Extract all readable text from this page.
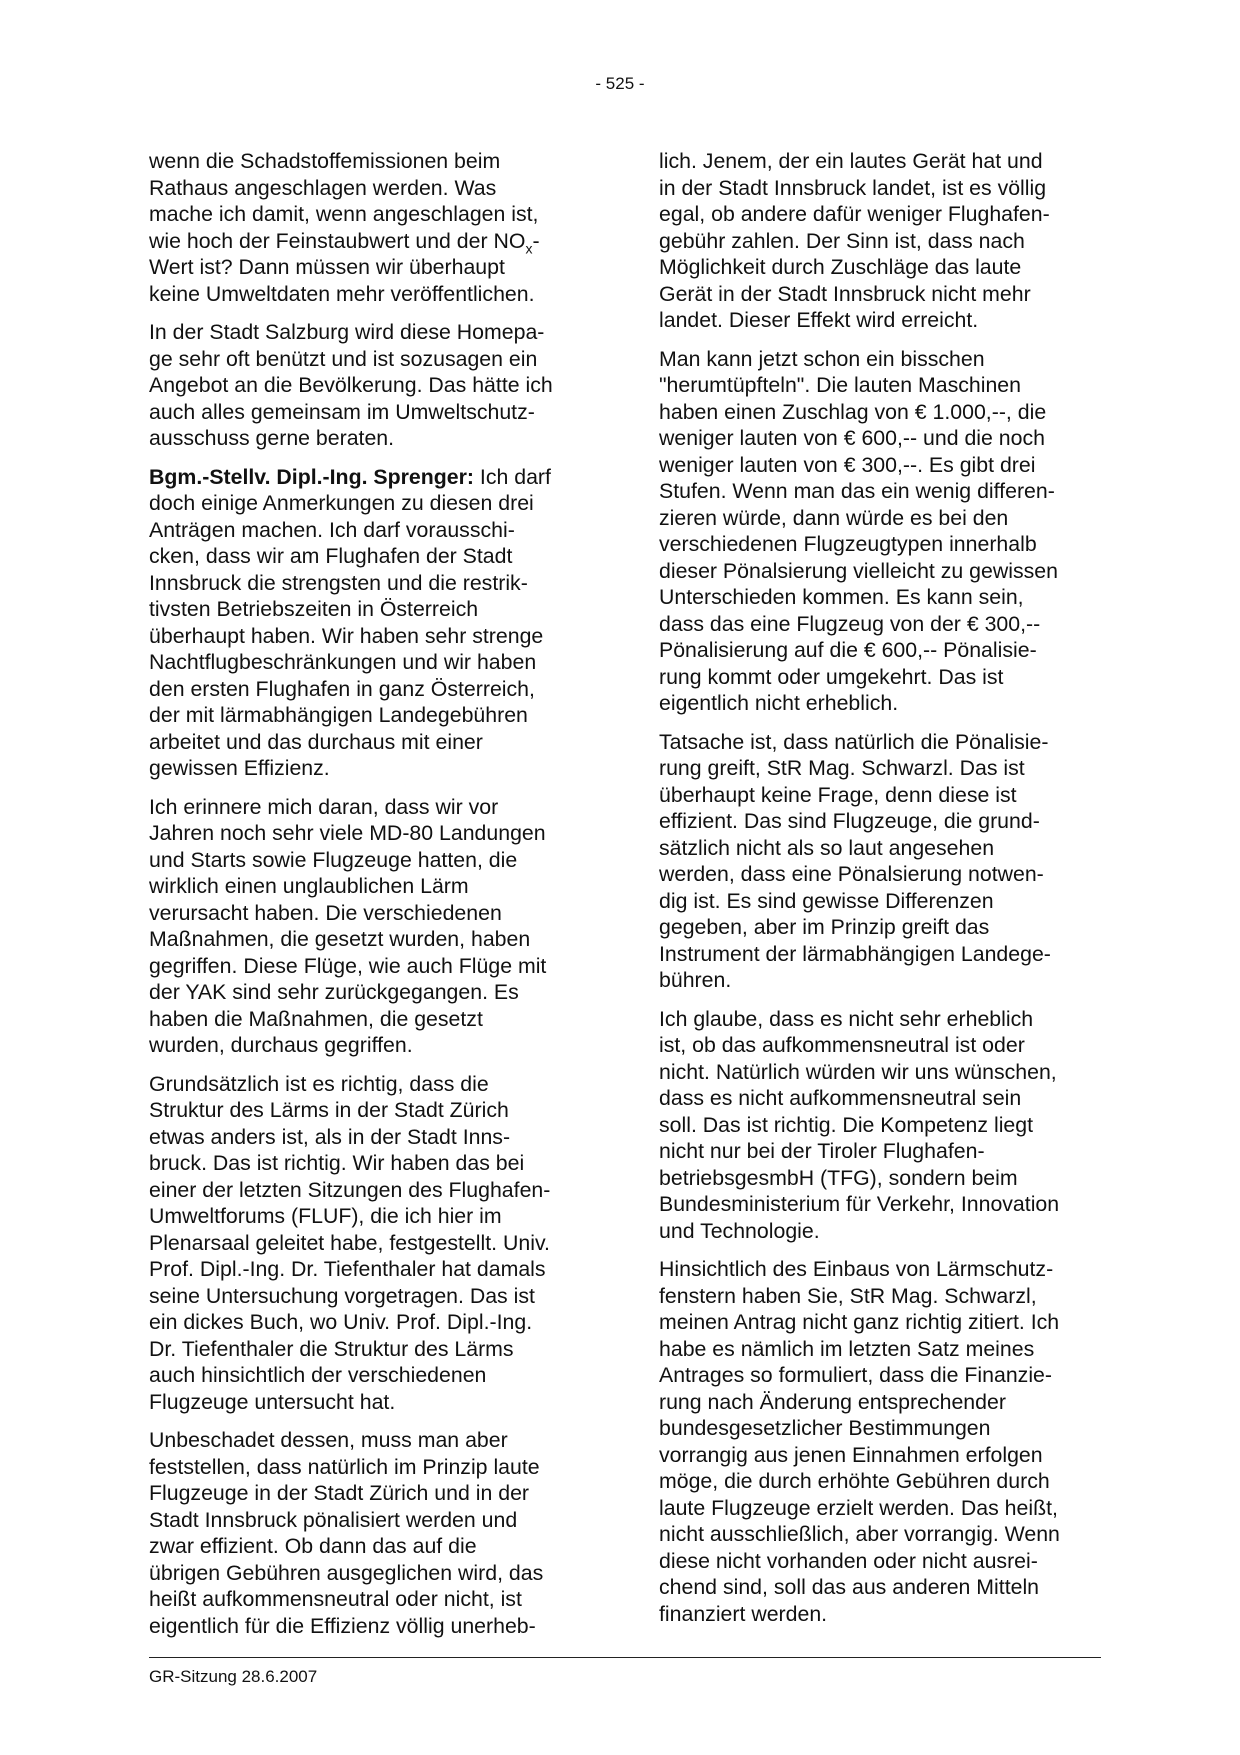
- 525 -

wenn die Schadstoffemissionen beim
Rathaus angeschlagen werden. Was
mache ich damit, wenn angeschlagen ist,
wie hoch der Feinstaubwert und der $NO_x-$
Wert ist? Dann müssen wir überhaupt
keine Umweltdaten mehr veröffentlichen.

In der Stadt Salzburg wird diese Homepa-
ge sehr oft benützt und ist sozusagen ein
Angebot an die Bevölkerung. Das hätte ich
auch alles gemeinsam im Umweltschutz-
ausschuss gerne beraten.

Bgm.-Stellv. Dipl.-Ing. Sprenger: Ich darf
doch einige Anmerkungen zu diesen drei
Anträgen machen. Ich darf vorausschi-
cken, dass wir am Flughafen der Stadt
Innsbruck die strengsten und die restrik-
tivsten Betriebszeiten in Österreich
überhaupt haben. Wir haben sehr strenge
Nachtflugbeschränkungen und wir haben
den ersten Flughafen in ganz Österreich,
der mit lärmabhängigen Landegebühren
arbeitet und das durchaus mit einer
gewissen Effizienz.

Ich erinnere mich daran, dass wir vor
Jahren noch sehr viele MD-80 Landungen
und Starts sowie Flugzeuge hatten, die
wirklich einen unglaublichen Lärm
verursacht haben. Die verschiedenen
Maßnahmen, die gesetzt wurden, haben
gegriffen. Diese Flüge, wie auch Flüge mit
der YAK sind sehr zurückgegangen. Es
haben die Maßnahmen, die gesetzt
wurden, durchaus gegriffen.

Grundsätzlich ist es richtig, dass die
Struktur des Lärms in der Stadt Zürich
etwas anders ist, als in der Stadt Inns-
bruck. Das ist richtig. Wir haben das bei
einer der letzten Sitzungen des Flughafen-
Umweltforums (FLUF), die ich hier im
Plenarsaal geleitet habe, festgestellt. Univ.
Prof. Dipl.-Ing. Dr. Tiefenthaler hat damals
seine Untersuchung vorgetragen. Das ist
ein dickes Buch, wo Univ. Prof. Dipl.-Ing.
Dr. Tiefenthaler die Struktur des Lärms
auch hinsichtlich der verschiedenen
Flugzeuge untersucht hat.

Unbeschadet dessen, muss man aber
feststellen, dass natürlich im Prinzip laute
Flugzeuge in der Stadt Zürich und in der
Stadt Innsbruck pönalisiert werden und
zwar effizient. Ob dann das auf die
übrigen Gebühren ausgeglichen wird, das
heißt aufkommensneutral oder nicht, ist
eigentlich für die Effizienz völlig unerheb-

lich. Jenem, der ein lautes Gerät hat und
in der Stadt Innsbruck landet, ist es völlig
egal, ob andere dafür weniger Flughafen-
gebühr zahlen. Der Sinn ist, dass nach
Möglichkeit durch Zuschläge das laute
Gerät in der Stadt Innsbruck nicht mehr
landet. Dieser Effekt wird erreicht.

Man kann jetzt schon ein bisschen
"herumtüpfteln". Die lauten Maschinen
haben einen Zuschlag von € 1.000,--, die
weniger lauten von € 600,-- und die noch
weniger lauten von € 300,--. Es gibt drei
Stufen. Wenn man das ein wenig differen-
zieren würde, dann würde es bei den
verschiedenen Flugzeugtypen innerhalb
dieser Pönalsierung vielleicht zu gewissen
Unterschieden kommen. Es kann sein,
dass das eine Flugzeug von der € 300,--
Pönalisierung auf die € 600,-- Pönalisie-
rung kommt oder umgekehrt. Das ist
eigentlich nicht erheblich.

Tatsache ist, dass natürlich die Pönalisie-
rung greift, StR Mag. Schwarzl. Das ist
überhaupt keine Frage, denn diese ist
effizient. Das sind Flugzeuge, die grund-
sätzlich nicht als so laut angesehen
werden, dass eine Pönalsierung notwen-
dig ist. Es sind gewisse Differenzen
gegeben, aber im Prinzip greift das
Instrument der lärmabhängigen Landege-
bühren.

Ich glaube, dass es nicht sehr erheblich
ist, ob das aufkommensneutral ist oder
nicht. Natürlich würden wir uns wünschen,
dass es nicht aufkommensneutral sein
soll. Das ist richtig. Die Kompetenz liegt
nicht nur bei der Tiroler Flughafen-
betriebsgesmbH (TFG), sondern beim
Bundesministerium für Verkehr, Innovation
und Technologie.

Hinsichtlich des Einbaus von Lärmschutz-
fenstern haben Sie, StR Mag. Schwarzl,
meinen Antrag nicht ganz richtig zitiert. Ich
habe es nämlich im letzten Satz meines
Antrages so formuliert, dass die Finanzie-
rung nach Änderung entsprechender
bundesgesetzlicher Bestimmungen
vorrangig aus jenen Einnahmen erfolgen
möge, die durch erhöhte Gebühren durch
laute Flugzeuge erzielt werden. Das heißt,
nicht ausschließlich, aber vorrangig. Wenn
diese nicht vorhanden oder nicht ausrei-
chend sind, soll das aus anderen Mitteln
finanziert werden.

GR-Sitzung 28.6.2007
